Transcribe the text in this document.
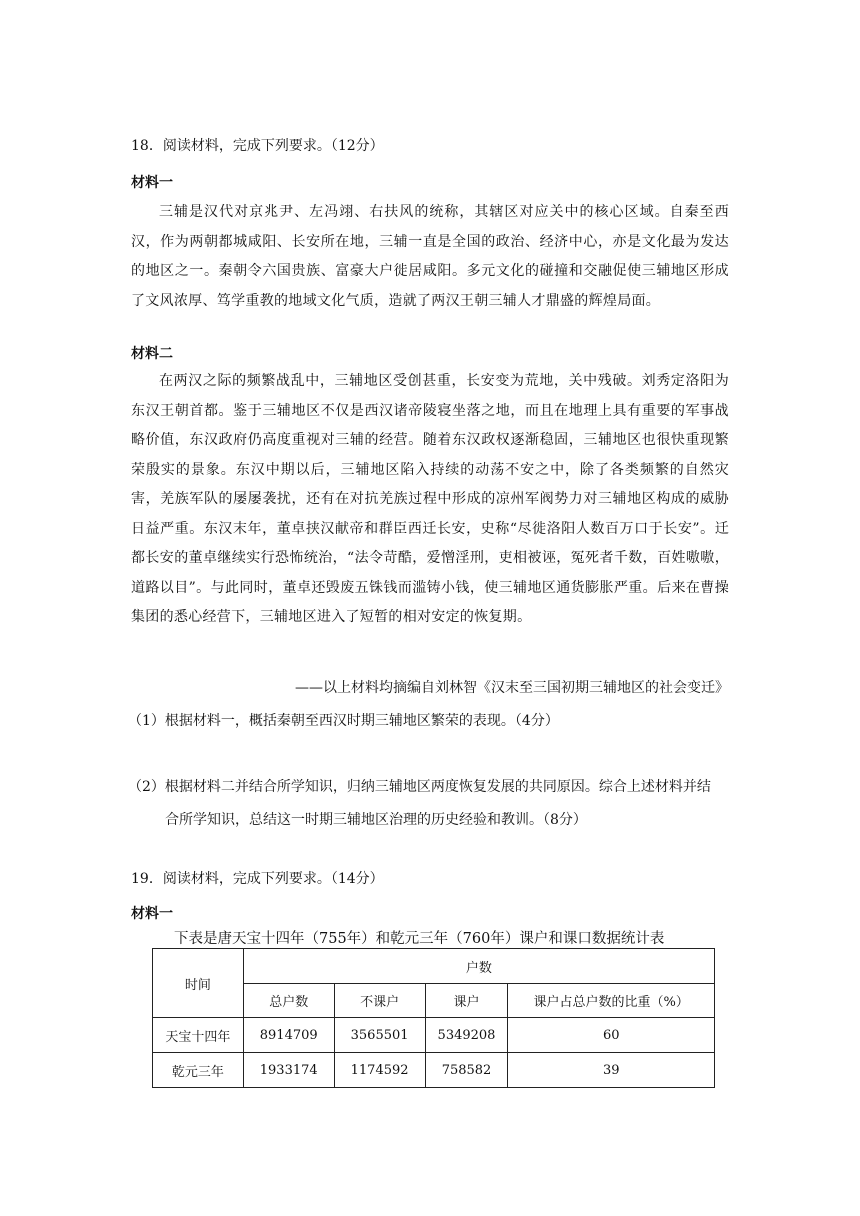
18．阅读材料，完成下列要求。（12分）
材料一
三辅是汉代对京兆尹、左冯翊、右扶风的统称，其辖区对应关中的核心区域。自秦至西汉，作为两朝都城咸阳、长安所在地，三辅一直是全国的政治、经济中心，亦是文化最为发达的地区之一。秦朝令六国贵族、富豪大户徙居咸阳。多元文化的碰撞和交融促使三辅地区形成了文风浓厚、笃学重教的地域文化气质，造就了两汉王朝三辅人才鼎盛的辉煌局面。
材料二
在两汉之际的频繁战乱中，三辅地区受创甚重，长安变为荒地，关中残破。刘秀定洛阳为东汉王朝首都。鉴于三辅地区不仅是西汉诸帝陵寝坐落之地，而且在地理上具有重要的军事战略价值，东汉政府仍高度重视对三辅的经营。随着东汉政权逐渐稳固，三辅地区也很快重现繁荣殷实的景象。东汉中期以后，三辅地区陷入持续的动荡不安之中，除了各类频繁的自然灾害，羌族军队的屡屡袭扰，还有在对抗羌族过程中形成的凉州军阀势力对三辅地区构成的威胁日益严重。东汉末年，董卓挟汉献帝和群臣西迁长安，史称“尽徙洛阳人数百万口于长安”。迁都长安的董卓继续实行恐怖统治，“法令苛酷，爱憎淫刑，吏相被诬，冤死者千数，百姓嗷嗷，道路以目”。与此同时，董卓还毁废五铢钱而滥铸小钱，使三辅地区通货膨胀严重。后来在曹操集团的悉心经营下，三辅地区进入了短暂的相对安定的恢复期。
——以上材料均摘编自刘林智《汉末至三国初期三辅地区的社会变迁》
（1）根据材料一，概括秦朝至西汉时期三辅地区繁荣的表现。（4分）
（2）根据材料二并结合所学知识，归纳三辅地区两度恢复发展的共同原因。综合上述材料并结
合所学知识，总结这一时期三辅地区治理的历史经验和教训。（8分）
19．阅读材料，完成下列要求。（14分）
材料一
下表是唐天宝十四年（755年）和乾元三年（760年）课户和课口数据统计表
时间	户数			
	总户数	不课户	课户	课户占总户数的比重（%）
天宝十四年	8914709	3565501	5349208	60
乾元三年	1933174	1174592	758582	39
